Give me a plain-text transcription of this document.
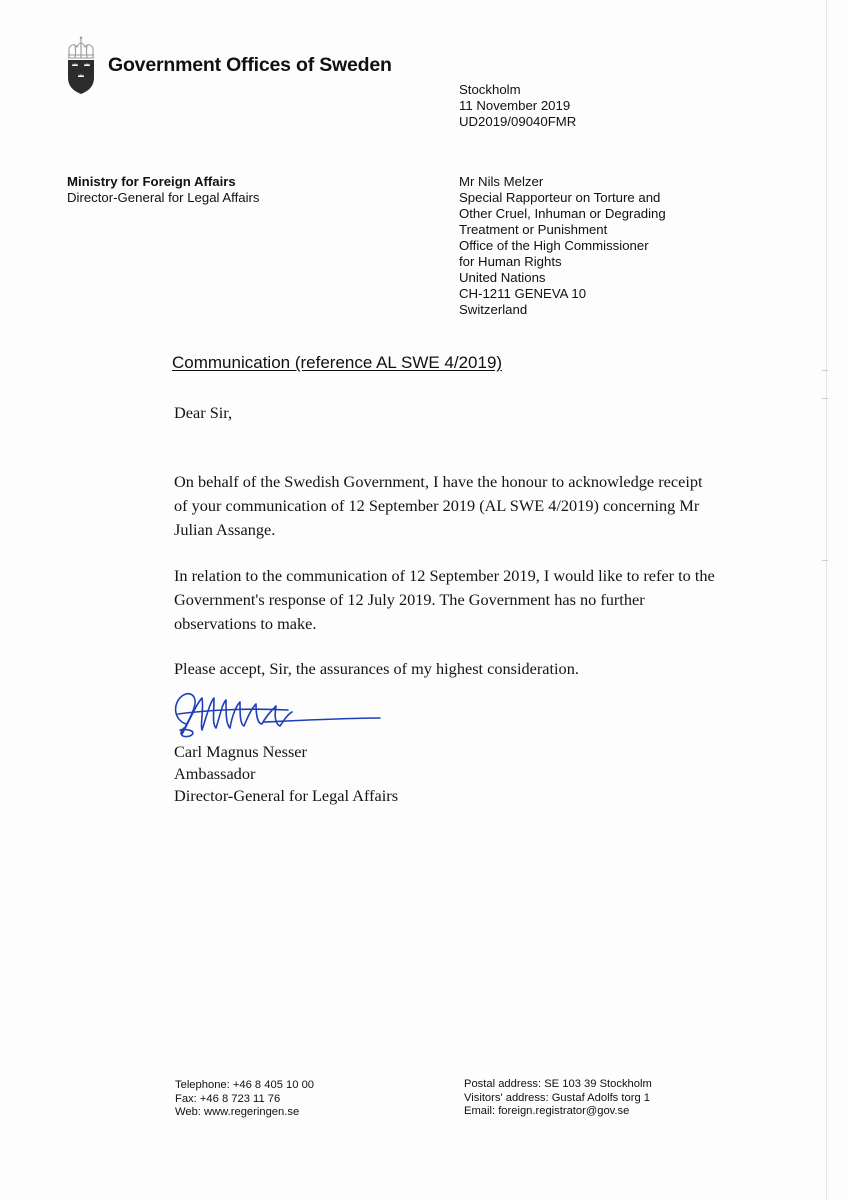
Government Offices of Sweden
Stockholm
11 November 2019
UD2019/09040FMR
Ministry for Foreign Affairs
Director-General for Legal Affairs
Mr Nils Melzer
Special Rapporteur on Torture and
Other Cruel, Inhuman or Degrading
Treatment or Punishment
Office of the High Commissioner
for Human Rights
United Nations
CH-1211 GENEVA 10
Switzerland
Communication (reference AL SWE 4/2019)
Dear Sir,
On behalf of the Swedish Government, I have the honour to acknowledge receipt of your communication of 12 September 2019 (AL SWE 4/2019) concerning Mr Julian Assange.
In relation to the communication of 12 September 2019, I would like to refer to the Government's response of 12 July 2019. The Government has no further observations to make.
Please accept, Sir, the assurances of my highest consideration.
Carl Magnus Nesser
Ambassador
Director-General for Legal Affairs
Telephone: +46 8 405 10 00
Fax: +46 8 723 11 76
Web: www.regeringen.se
Postal address: SE 103 39 Stockholm
Visitors' address: Gustaf Adolfs torg 1
Email: foreign.registrator@gov.se
